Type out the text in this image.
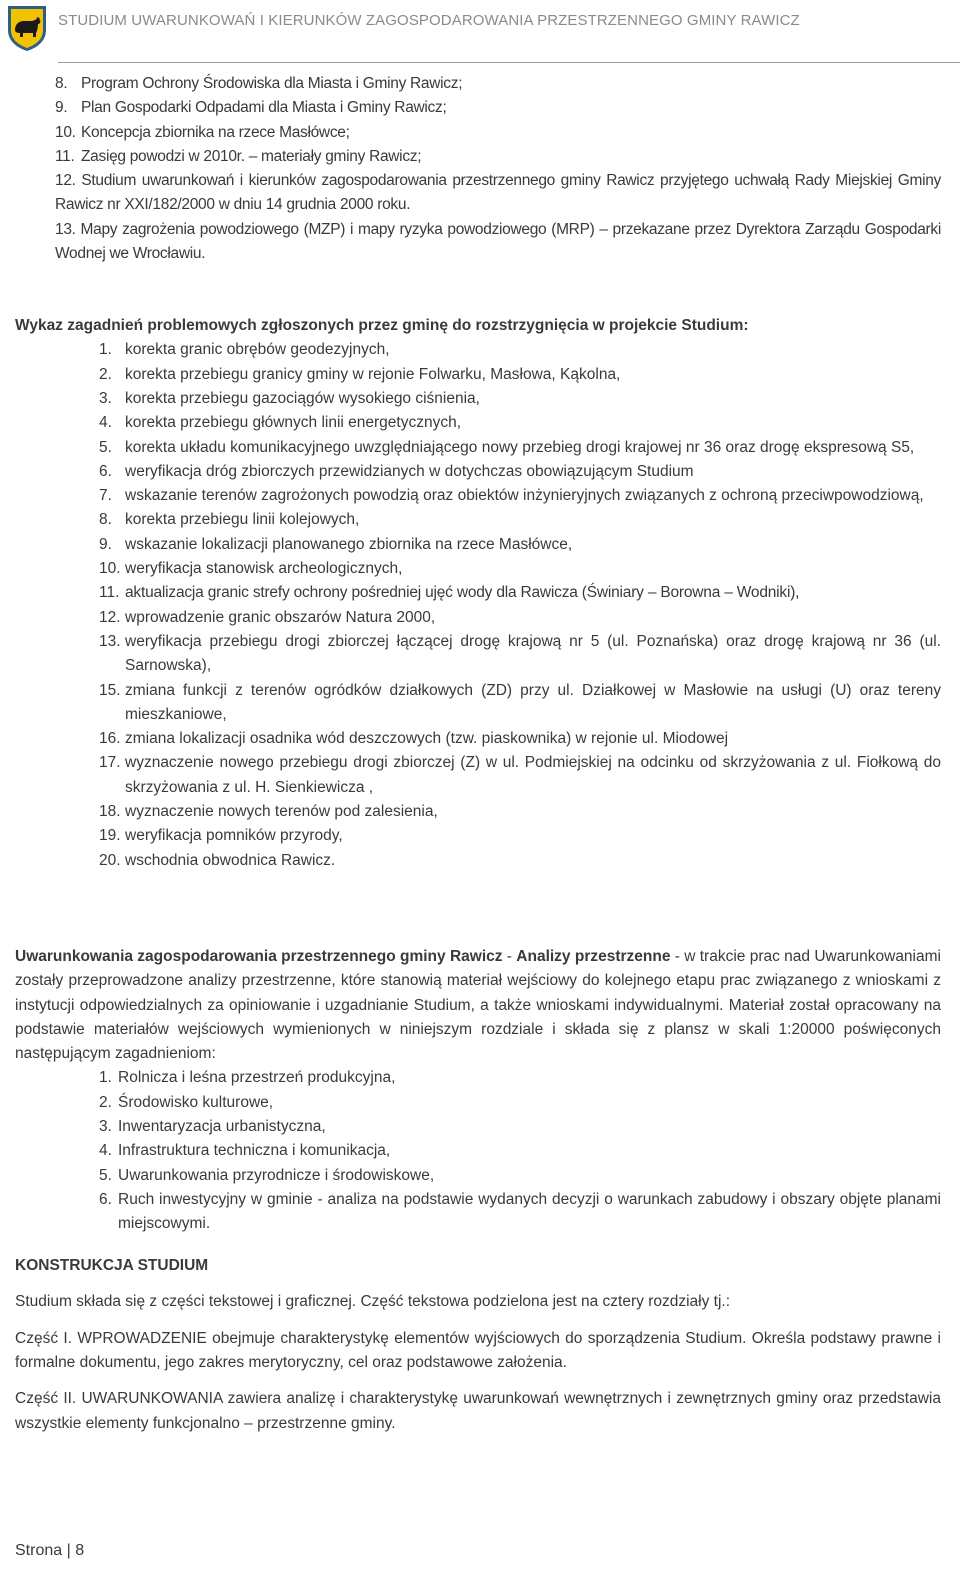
STUDIUM UWARUNKOWAŃ I KIERUNKÓW ZAGOSPODAROWANIA PRZESTRZENNEGO GMINY RAWICZ
8. Program Ochrony Środowiska dla Miasta i Gminy Rawicz;
9. Plan Gospodarki Odpadami dla Miasta i Gminy Rawicz;
10. Koncepcja zbiornika na rzece Masłówce;
11. Zasięg powodzi w 2010r. – materiały gminy Rawicz;
12. Studium uwarunkowań i kierunków zagospodarowania przestrzennego gminy Rawicz przyjętego uchwałą Rady Miejskiej Gminy Rawicz nr XXI/182/2000 w dniu 14 grudnia 2000 roku.
13. Mapy zagrożenia powodziowego (MZP) i mapy ryzyka powodziowego (MRP) – przekazane przez Dyrektora Zarządu Gospodarki Wodnej we Wrocławiu.

Wykaz zagadnień problemowych zgłoszonych przez gminę do rozstrzygnięcia w projekcie Studium:

1. korekta granic obrębów geodezyjnych,
2. korekta przebiegu granicy gminy w rejonie Folwarku, Masłowa, Kąkolna,
3. korekta przebiegu gazociągów wysokiego ciśnienia,
4. korekta przebiegu głównych linii energetycznych,
5. korekta układu komunikacyjnego uwzględniającego nowy przebieg drogi krajowej nr 36 oraz drogę ekspresową S5,
6. weryfikacja dróg zbiorczych przewidzianych w dotychczas obowiązującym Studium
7. wskazanie terenów zagrożonych powodzią oraz obiektów inżynieryjnych związanych z ochroną przeciwpowodziową,
8. korekta przebiegu linii kolejowych,
9. wskazanie lokalizacji planowanego zbiornika na rzece Masłówce,
10. weryfikacja stanowisk archeologicznych,
11. aktualizacja granic strefy ochrony pośredniej ujęć wody dla Rawicza (Świniary – Borowna – Wodniki),
12. wprowadzenie granic obszarów Natura 2000,
13. weryfikacja przebiegu drogi zbiorczej łączącej drogę krajową nr 5 (ul. Poznańska) oraz drogę krajową nr 36 (ul. Sarnowska),
15. zmiana funkcji z terenów ogródków działkowych (ZD) przy ul. Działkowej w Masłowie na usługi (U) oraz tereny mieszkaniowe,
16. zmiana lokalizacji osadnika wód deszczowych (tzw. piaskownika) w rejonie ul. Miodowej
17. wyznaczenie nowego przebiegu drogi zbiorczej (Z) w ul. Podmiejskiej na odcinku od skrzyżowania z ul. Fiołkową do skrzyżowania z ul. H. Sienkiewicza ,
18. wyznaczenie nowych terenów pod zalesienia,
19. weryfikacja pomników przyrody,
20. wschodnia obwodnica Rawicz.

Uwarunkowania zagospodarowania przestrzennego gminy Rawicz - Analizy przestrzenne - w trakcie prac nad Uwarunkowaniami zostały przeprowadzone analizy przestrzenne, które stanowią materiał wejściowy do kolejnego etapu prac związanego z wnioskami z instytucji odpowiedzialnych za opiniowanie i uzgadnianie Studium, a także wnioskami indywidualnymi. Materiał został opracowany na podstawie materiałów wejściowych wymienionych w niniejszym rozdziale i składa się z plansz w skali 1:20000 poświęconych następującym zagadnieniom:

1. Rolnicza i leśna przestrzeń produkcyjna,
2. Środowisko kulturowe,
3. Inwentaryzacja urbanistyczna,
4. Infrastruktura techniczna i komunikacja,
5. Uwarunkowania przyrodnicze i środowiskowe,
6. Ruch inwestycyjny w gminie - analiza na podstawie wydanych decyzji o warunkach zabudowy i obszary objęte planami miejscowymi.

KONSTRUKCJA STUDIUM

Studium składa się z części tekstowej i graficznej. Część tekstowa podzielona jest na cztery rozdziały tj.:

Część I. WPROWADZENIE obejmuje charakterystykę elementów wyjściowych do sporządzenia Studium. Określa podstawy prawne i formalne dokumentu, jego zakres merytoryczny, cel oraz podstawowe założenia.

Część II. UWARUNKOWANIA zawiera analizę i charakterystykę uwarunkowań wewnętrznych i zewnętrznych gminy oraz przedstawia wszystkie elementy funkcjonalno – przestrzenne gminy.

Strona | 8
